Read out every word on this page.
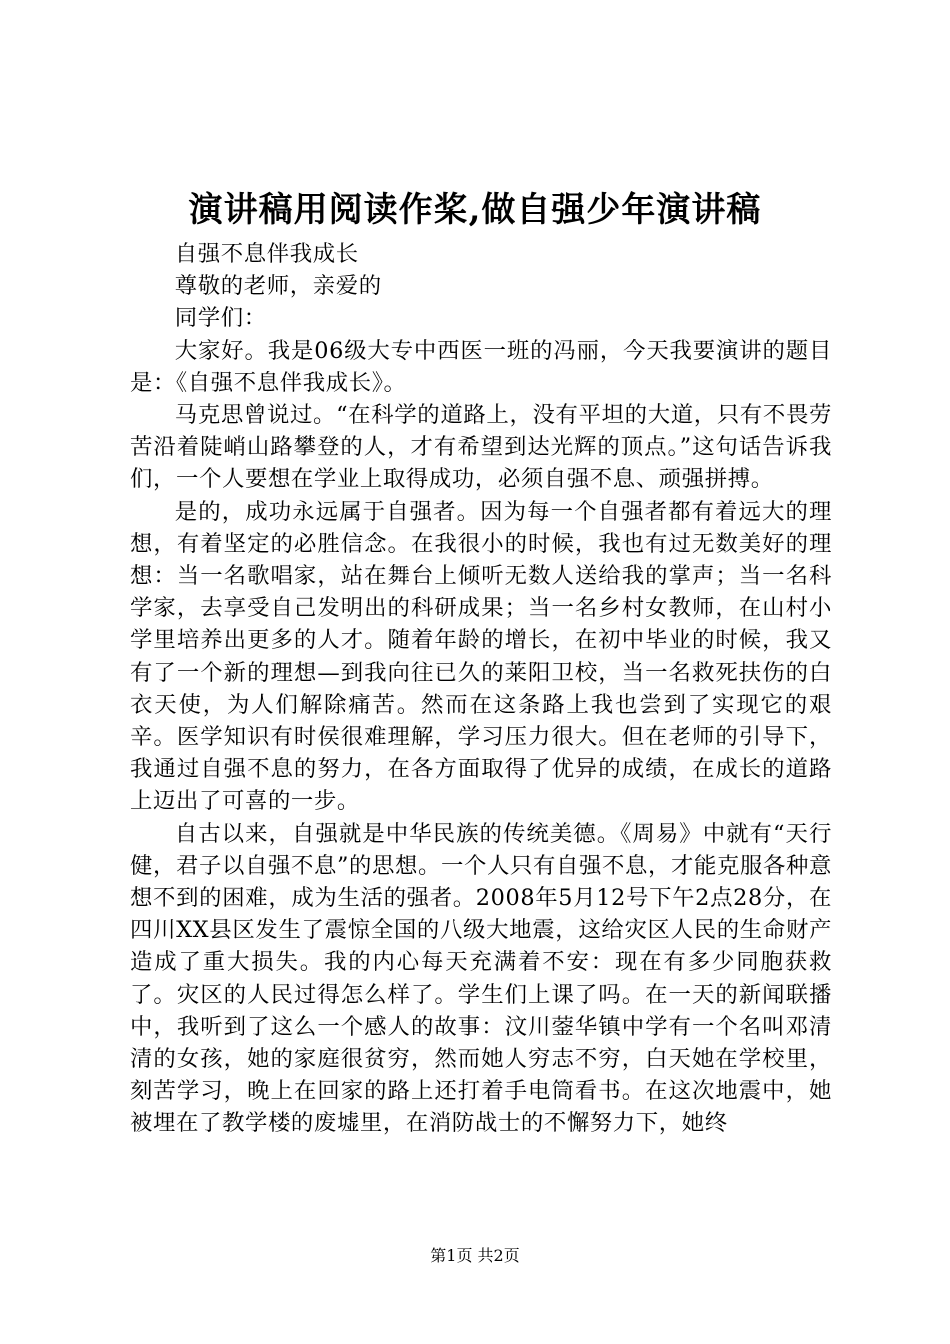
演讲稿用阅读作桨,做自强少年演讲稿

自强不息伴我成长

尊敬的老师，亲爱的

同学们：

大家好。我是06级大专中西医一班的冯丽，今天我要演讲的题目是：《自强不息伴我成长》。

马克思曾说过。“在科学的道路上，没有平坦的大道，只有不畏劳苦沿着陡峭山路攀登的人，才有希望到达光辉的顶点。”这句话告诉我们，一个人要想在学业上取得成功，必须自强不息、顽强拼搏。

是的，成功永远属于自强者。因为每一个自强者都有着远大的理想，有着坚定的必胜信念。在我很小的时候，我也有过无数美好的理想：当一名歌唱家，站在舞台上倾听无数人送给我的掌声；当一名科学家，去享受自己发明出的科研成果；当一名乡村女教师，在山村小学里培养出更多的人才。随着年龄的增长，在初中毕业的时候，我又有了一个新的理想—到我向往已久的莱阳卫校，当一名救死扶伤的白衣天使，为人们解除痛苦。然而在这条路上我也尝到了实现它的艰辛。医学知识有时侯很难理解，学习压力很大。但在老师的引导下，我通过自强不息的努力，在各方面取得了优异的成绩，在成长的道路上迈出了可喜的一步。

自古以来，自强就是中华民族的传统美德。《周易》中就有“天行健，君子以自强不息”的思想。一个人只有自强不息，才能克服各种意想不到的困难，成为生活的强者。2008年5月12号下午2点28分，在四川XX县区发生了震惊全国的八级大地震，这给灾区人民的生命财产造成了重大损失。我的内心每天充满着不安：现在有多少同胞获救了。灾区的人民过得怎么样了。学生们上课了吗。在一天的新闻联播中，我听到了这么一个感人的故事：汶川蓥华镇中学有一个名叫邓清清的女孩，她的家庭很贫穷，然而她人穷志不穷，白天她在学校里，刻苦学习，晚上在回家的路上还打着手电筒看书。在这次地震中，她被埋在了教学楼的废墟里，在消防战士的不懈努力下，她终

第1页 共2页
